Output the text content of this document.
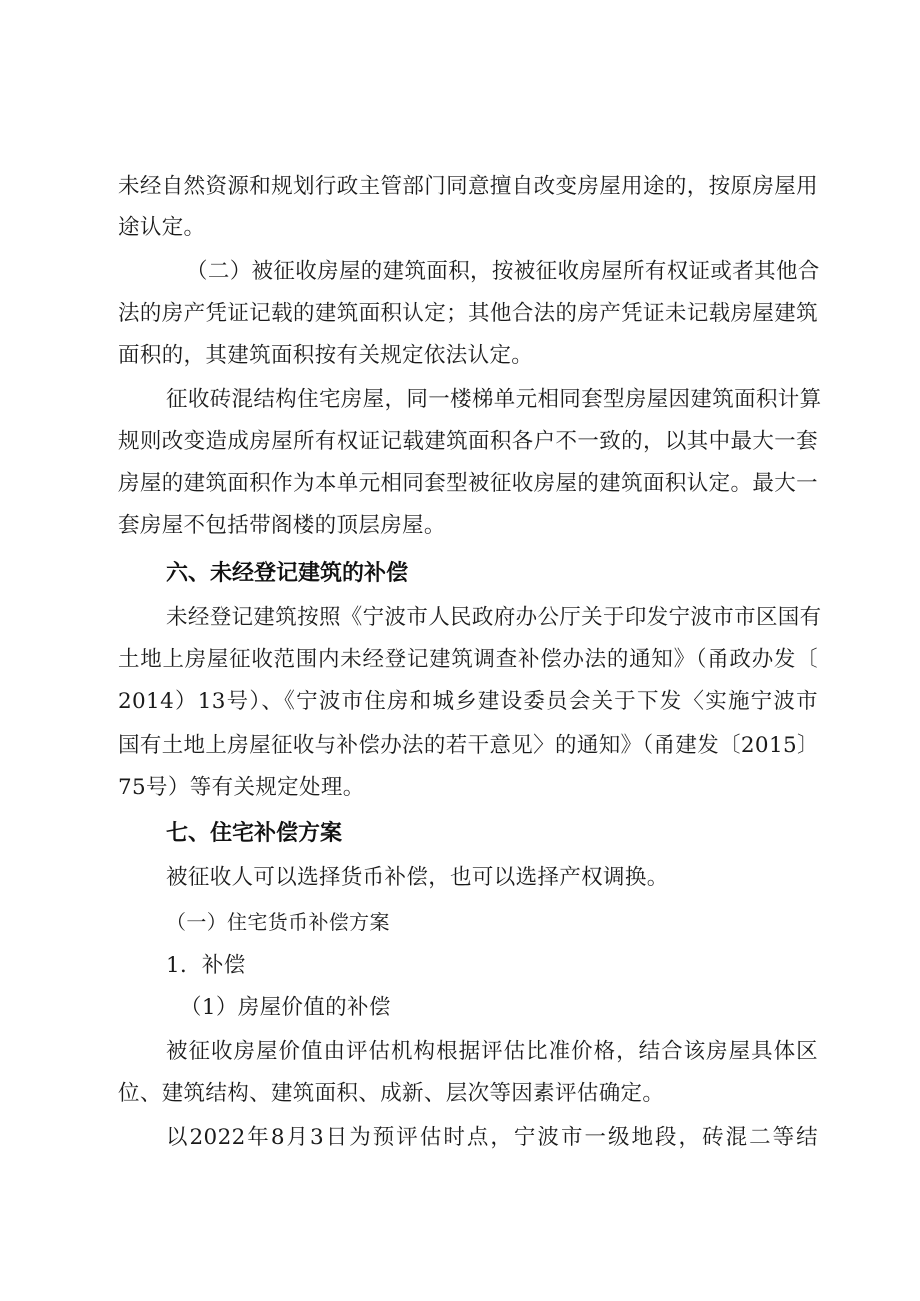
未经自然资源和规划行政主管部门同意擅自改变房屋用途的，按原房屋用
途认定。
（二）被征收房屋的建筑面积，按被征收房屋所有权证或者其他合
法的房产凭证记载的建筑面积认定；其他合法的房产凭证未记载房屋建筑
面积的，其建筑面积按有关规定依法认定。
征收砖混结构住宅房屋，同一楼梯单元相同套型房屋因建筑面积计算
规则改变造成房屋所有权证记载建筑面积各户不一致的，以其中最大一套
房屋的建筑面积作为本单元相同套型被征收房屋的建筑面积认定。最大一
套房屋不包括带阁楼的顶层房屋。
六、未经登记建筑的补偿
未经登记建筑按照《宁波市人民政府办公厅关于印发宁波市市区国有
土地上房屋征收范围内未经登记建筑调查补偿办法的通知》（甬政办发〔
2014）13号）、《宁波市住房和城乡建设委员会关于下发〈实施宁波市
国有土地上房屋征收与补偿办法的若干意见〉的通知》（甬建发〔2015〕
75号）等有关规定处理。
七、住宅补偿方案
被征收人可以选择货币补偿，也可以选择产权调换。
（一）住宅货币补偿方案
1．补偿
（1）房屋价值的补偿
被征收房屋价值由评估机构根据评估比准价格，结合该房屋具体区
位、建筑结构、建筑面积、成新、层次等因素评估确定。
以2022年8月3日为预评估时点，宁波市一级地段，砖混二等结
